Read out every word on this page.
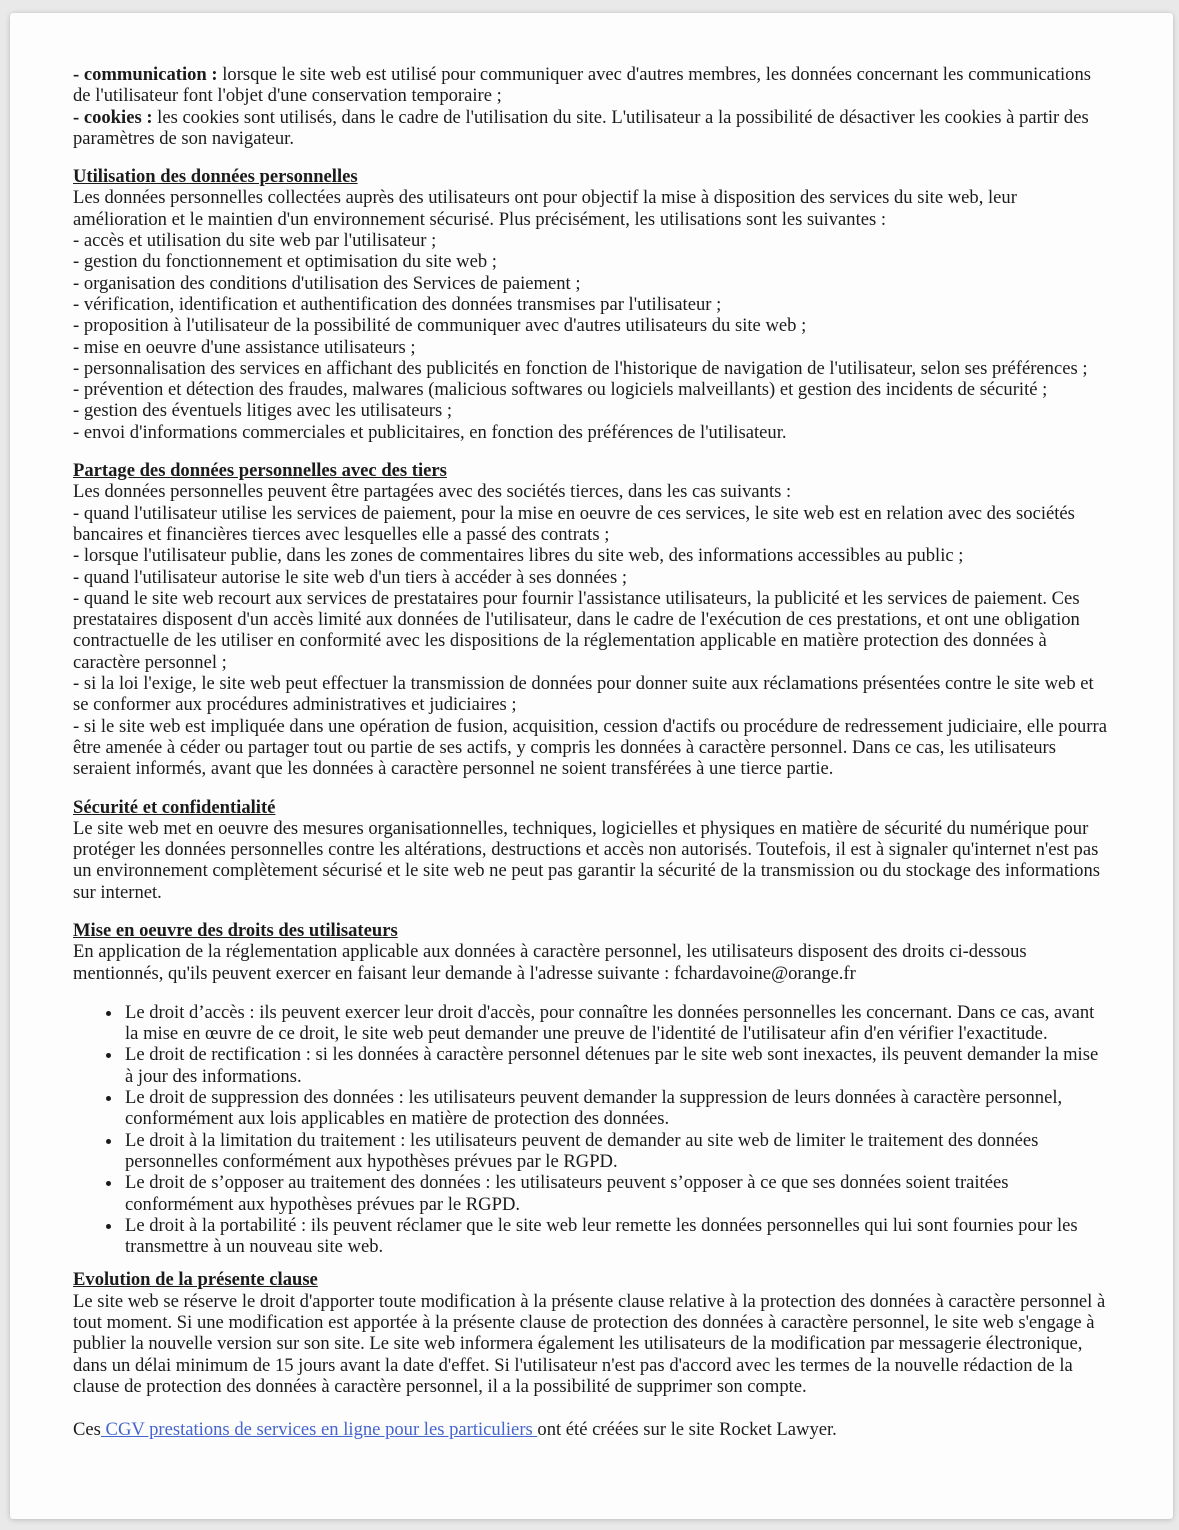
- communication : lorsque le site web est utilisé pour communiquer avec d'autres membres, les données concernant les communications de l'utilisateur font l'objet d'une conservation temporaire ;

- cookies : les cookies sont utilisés, dans le cadre de l'utilisation du site. L'utilisateur a la possibilité de désactiver les cookies à partir des paramètres de son navigateur.

Utilisation des données personnelles

Les données personnelles collectées auprès des utilisateurs ont pour objectif la mise à disposition des services du site web, leur amélioration et le maintien d'un environnement sécurisé. Plus précisément, les utilisations sont les suivantes :

- accès et utilisation du site web par l'utilisateur ;
- gestion du fonctionnement et optimisation du site web ;
- organisation des conditions d'utilisation des Services de paiement ;
- vérification, identification et authentification des données transmises par l'utilisateur ;
- proposition à l'utilisateur de la possibilité de communiquer avec d'autres utilisateurs du site web ;
- mise en oeuvre d'une assistance utilisateurs ;
- personnalisation des services en affichant des publicités en fonction de l'historique de navigation de l'utilisateur, selon ses préférences ;
- prévention et détection des fraudes, malwares (malicious softwares ou logiciels malveillants) et gestion des incidents de sécurité ;
- gestion des éventuels litiges avec les utilisateurs ;
- envoi d'informations commerciales et publicitaires, en fonction des préférences de l'utilisateur.

Partage des données personnelles avec des tiers

Les données personnelles peuvent être partagées avec des sociétés tierces, dans les cas suivants :

- quand l'utilisateur utilise les services de paiement, pour la mise en oeuvre de ces services, le site web est en relation avec des sociétés bancaires et financières tierces avec lesquelles elle a passé des contrats ;
- lorsque l'utilisateur publie, dans les zones de commentaires libres du site web, des informations accessibles au public ;
- quand l'utilisateur autorise le site web d'un tiers à accéder à ses données ;
- quand le site web recourt aux services de prestataires pour fournir l'assistance utilisateurs, la publicité et les services de paiement. Ces prestataires disposent d'un accès limité aux données de l'utilisateur, dans le cadre de l'exécution de ces prestations, et ont une obligation contractuelle de les utiliser en conformité avec les dispositions de la réglementation applicable en matière protection des données à caractère personnel ;
- si la loi l'exige, le site web peut effectuer la transmission de données pour donner suite aux réclamations présentées contre le site web et se conformer aux procédures administratives et judiciaires ;
- si le site web est impliquée dans une opération de fusion, acquisition, cession d'actifs ou procédure de redressement judiciaire, elle pourra être amenée à céder ou partager tout ou partie de ses actifs, y compris les données à caractère personnel. Dans ce cas, les utilisateurs seraient informés, avant que les données à caractère personnel ne soient transférées à une tierce partie.

Sécurité et confidentialité

Le site web met en oeuvre des mesures organisationnelles, techniques, logicielles et physiques en matière de sécurité du numérique pour protéger les données personnelles contre les altérations, destructions et accès non autorisés. Toutefois, il est à signaler qu'internet n'est pas un environnement complètement sécurisé et le site web ne peut pas garantir la sécurité de la transmission ou du stockage des informations sur internet.

Mise en oeuvre des droits des utilisateurs

En application de la réglementation applicable aux données à caractère personnel, les utilisateurs disposent des droits ci-dessous mentionnés, qu'ils peuvent exercer en faisant leur demande à l'adresse suivante : fchardavoine@orange.fr

• Le droit d’accès : ils peuvent exercer leur droit d'accès, pour connaître les données personnelles les concernant. Dans ce cas, avant la mise en œuvre de ce droit, le site web peut demander une preuve de l'identité de l'utilisateur afin d'en vérifier l'exactitude.
• Le droit de rectification : si les données à caractère personnel détenues par le site web sont inexactes, ils peuvent demander la mise à jour des informations.
• Le droit de suppression des données : les utilisateurs peuvent demander la suppression de leurs données à caractère personnel, conformément aux lois applicables en matière de protection des données.
• Le droit à la limitation du traitement : les utilisateurs peuvent de demander au site web de limiter le traitement des données personnelles conformément aux hypothèses prévues par le RGPD.
• Le droit de s’opposer au traitement des données : les utilisateurs peuvent s’opposer à ce que ses données soient traitées conformément aux hypothèses prévues par le RGPD.
• Le droit à la portabilité : ils peuvent réclamer que le site web leur remette les données personnelles qui lui sont fournies pour les transmettre à un nouveau site web.

Evolution de la présente clause

Le site web se réserve le droit d'apporter toute modification à la présente clause relative à la protection des données à caractère personnel à tout moment. Si une modification est apportée à la présente clause de protection des données à caractère personnel, le site web s'engage à publier la nouvelle version sur son site. Le site web informera également les utilisateurs de la modification par messagerie électronique, dans un délai minimum de 15 jours avant la date d'effet. Si l'utilisateur n'est pas d'accord avec les termes de la nouvelle rédaction de la clause de protection des données à caractère personnel, il a la possibilité de supprimer son compte.

Ces CGV prestations de services en ligne pour les particuliers ont été créées sur le site Rocket Lawyer.
